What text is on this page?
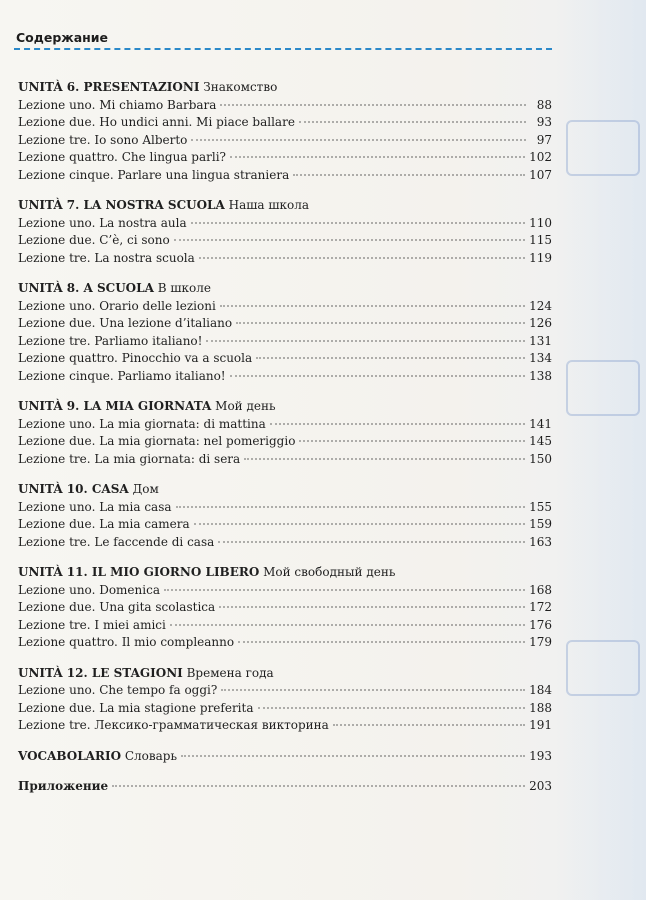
Содержание
UNITÀ 6. PRESENTAZIONI Знакомство
Lezione uno. Mi chiamo Barbara	88
Lezione due. Ho undici anni. Mi piace ballare	93
Lezione tre. Io sono Alberto	97
Lezione quattro. Che lingua parli?	102
Lezione cinque. Parlare una lingua straniera	107
UNITÀ 7. LA NOSTRA SCUOLA Наша школа
Lezione uno. La nostra aula	110
Lezione due. C’è, ci sono	115
Lezione tre. La nostra scuola	119
UNITÀ 8. A SCUOLA В школе
Lezione uno. Orario delle lezioni	124
Lezione due. Una lezione d’italiano	126
Lezione tre. Parliamo italiano!	131
Lezione quattro. Pinocchio va a scuola	134
Lezione cinque. Parliamo italiano!	138
UNITÀ 9. LA MIA GIORNATA Мой день
Lezione uno. La mia giornata: di mattina	141
Lezione due. La mia giornata: nel pomeriggio	145
Lezione tre. La mia giornata: di sera	150
UNITÀ 10. CASA Дом
Lezione uno. La mia casa	155
Lezione due. La mia camera	159
Lezione tre. Le faccende di casa	163
UNITÀ 11. IL MIO GIORNO LIBERO Мой свободный день
Lezione uno. Domenica	168
Lezione due. Una gita scolastica	172
Lezione tre. I miei amici	176
Lezione quattro. Il mio compleanno	179
UNITÀ 12. LE STAGIONI Времена года
Lezione uno. Che tempo fa oggi?	184
Lezione due. La mia stagione preferita	188
Lezione tre. Лексико-грамматическая викторина	191
VOCABOLARIO Словарь	193
Приложение	203
